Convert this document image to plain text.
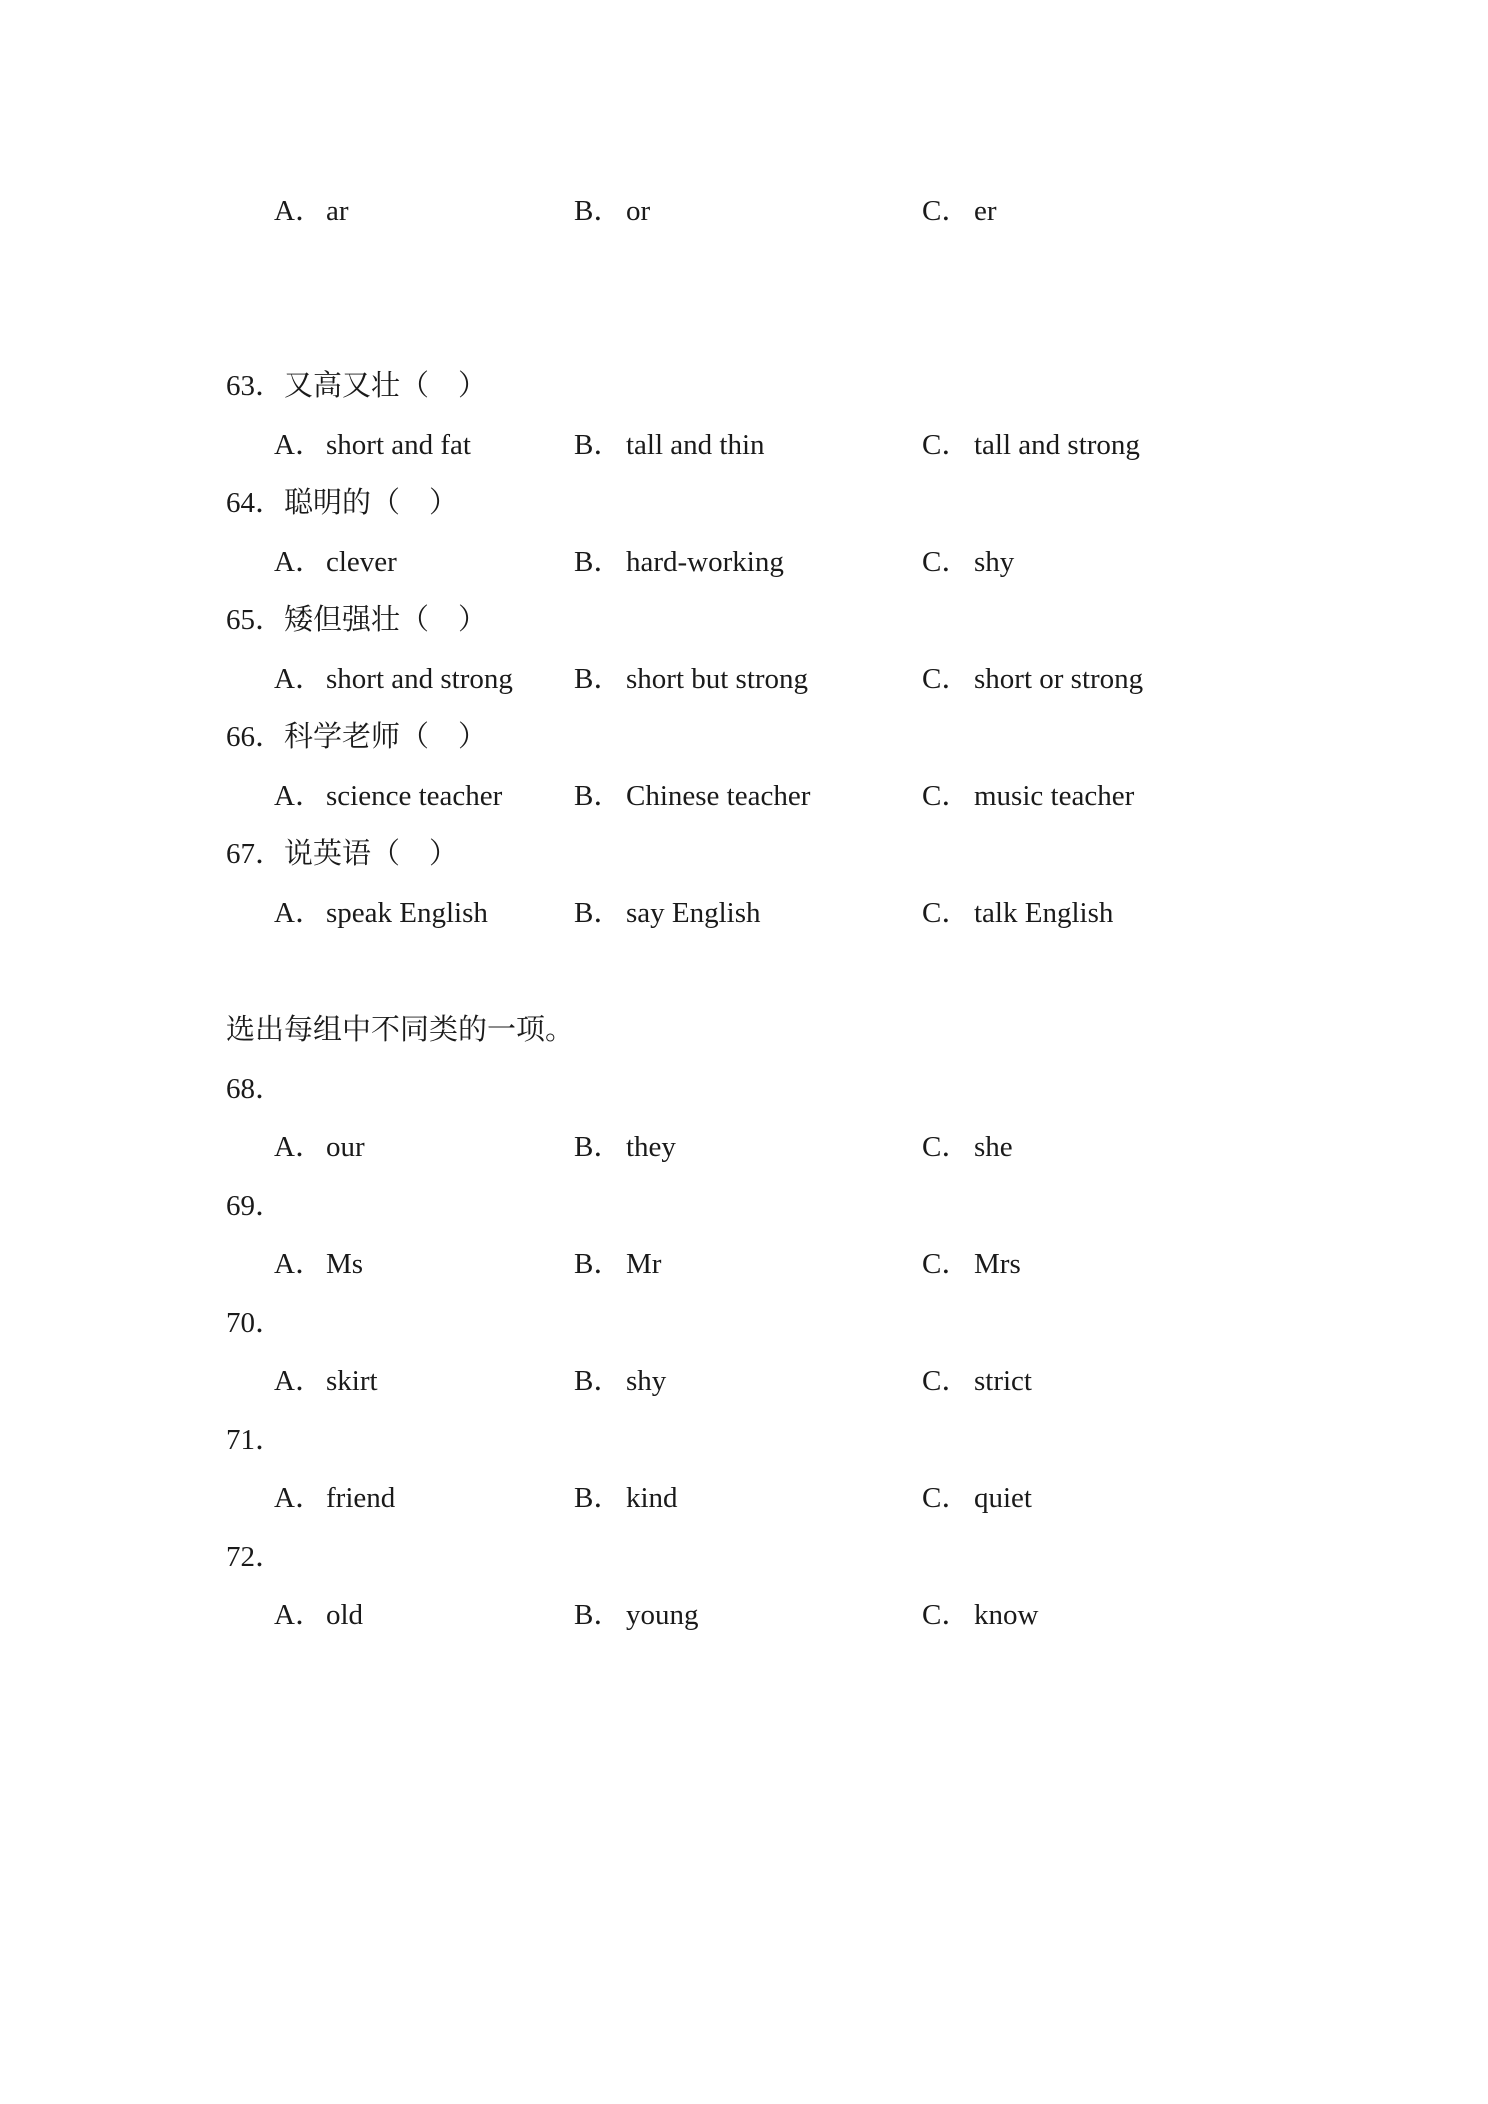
A．ar	B． or	C． er
63．又高又壮（　）
A．short and fat	B． tall and thin	C． tall and strong
64．聪明的（　）
A．clever	B． hard-working	C． shy
65．矮但强壮（　）
A．short and strong B． short but strong	C． short or strong
66．科学老师（　）
A．science teacher B． Chinese teacher	C． music teacher
67．说英语（　）
A．speak English	B． say English	C． talk English
选出每组中不同类的一项。
68．
A．our	B． they	C． she
69．
A．Ms	B． Mr	C． Mrs
70．
A．skirt	B． shy	C． strict
71．
A．friend	B． kind	C． quiet
72．
A．old	B． young	C． know
